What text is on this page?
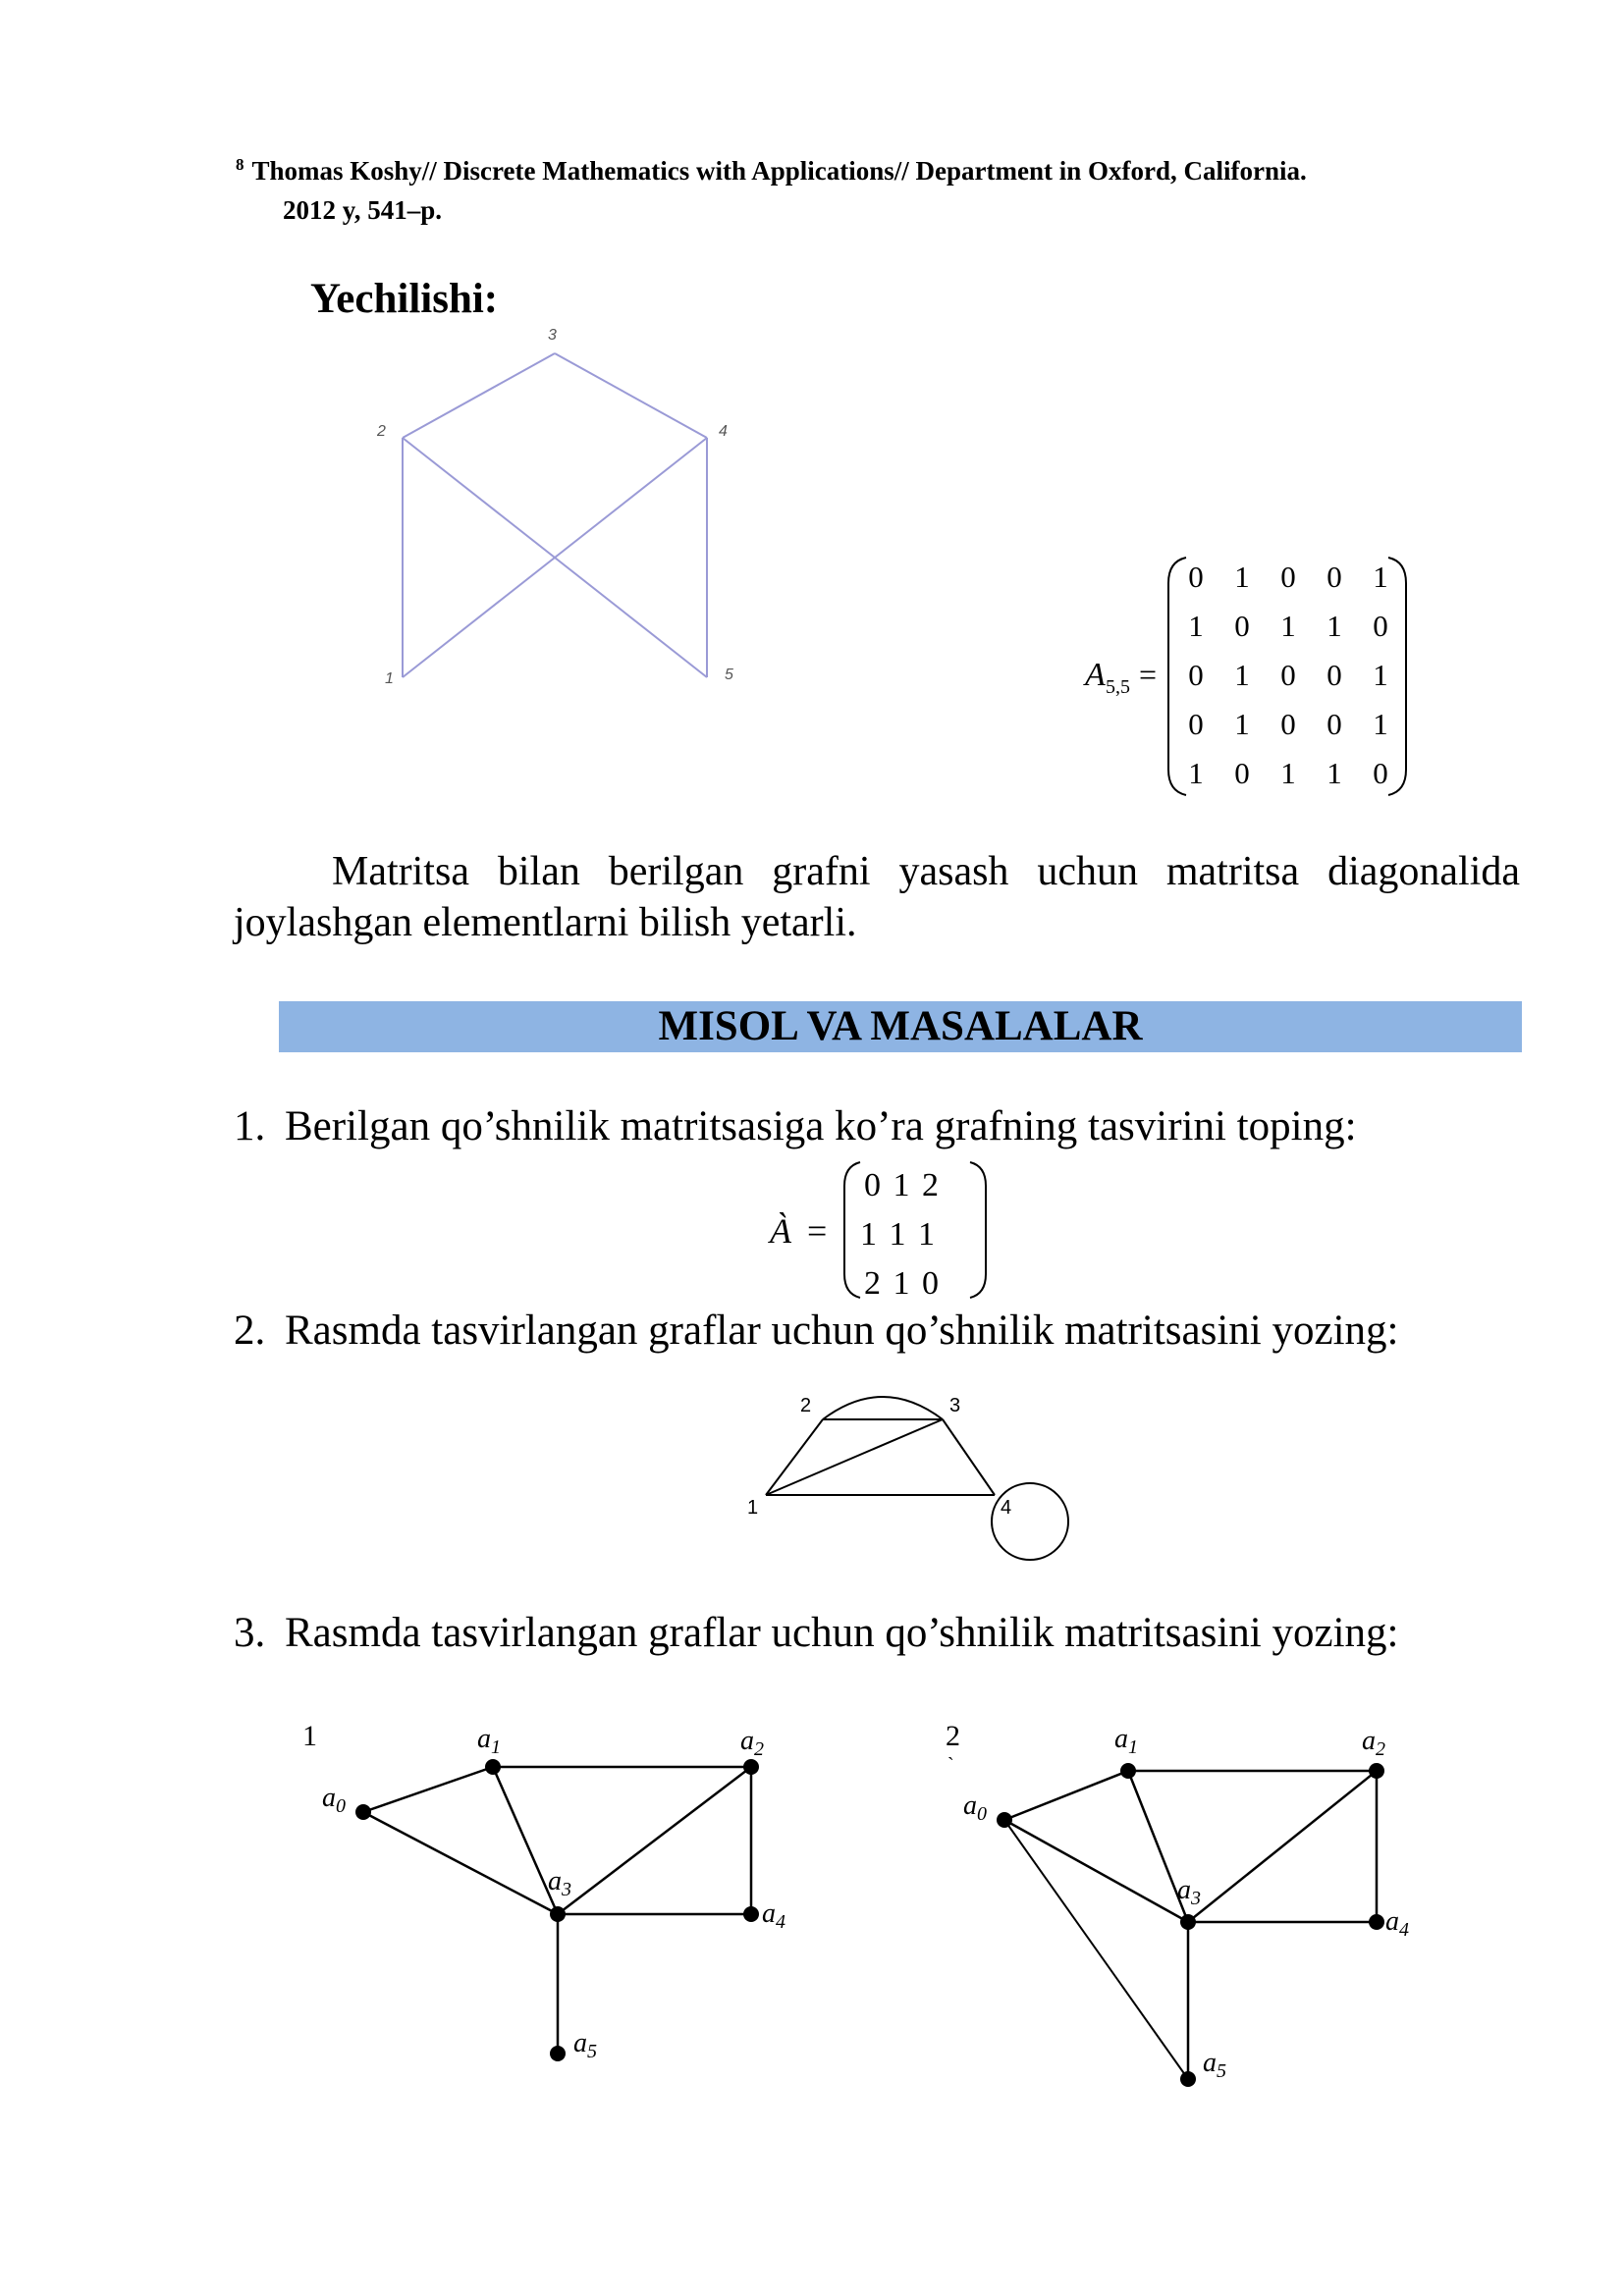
$^8$ Thomas Koshy// Discrete Mathematics with Applications// Department in Oxford, California.
2012 y, 541–p.
Yechilishi:
3
2	4
1	5	A 5,5 =
0 1 0 0 1
1 0 1 1 0
0 1 0 0 1
0 1 0 0 1
1 0 1 1 0
Matritsa bilan berilgan grafni yasash uchun matritsa diagonalida joylashgan elementlarni bilish yetarli.
MISOL VA MASALALAR
1. Berilgan qo’shnilik matritsasiga ko’ra grafning tasvirini toping:
À =
0 1 2
1 1 1
2 1 0
2. Rasmda tasvirlangan graflar uchun qo’shnilik matritsasini yozing:
2	3
1	4
3. Rasmda tasvirlangan graflar uchun qo’shnilik matritsasini yozing:
1
$a_0$
$a_1$	$a_2$
$a_3$
$a_4$
$a_5$
2
`
$a_0$
$a_1$	$a_2$
$a_3$
$a_4$
$a_5$
